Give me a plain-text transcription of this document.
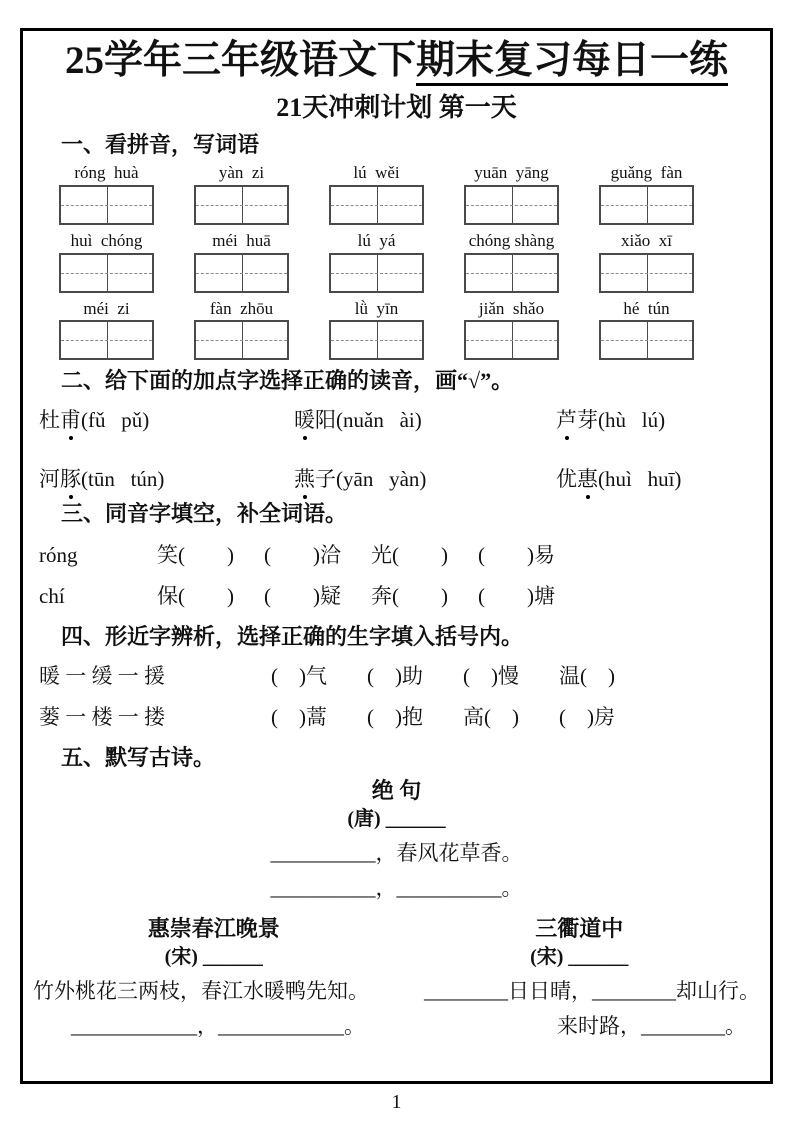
25学年三年级语文下期末复习每日一练
21天冲刺计划 第一天
一、看拼音，写词语
róng  huà	yàn  zi	lú  wěi	yuān  yāng	guǎng  fàn
huì  chóng	méi  huā	lú  yá	chóng shàng	xiǎo  xī
méi  zi	fàn  zhōu	lǜ  yīn	jiǎn  shǎo	hé  tún
二、给下面的加点字选择正确的读音，画“√”。
杜甫(fǔ   pǔ)	暖阳(nuǎn   ài)	芦芽(hù   lú)
河豚(tūn   tún)	燕子(yān   yàn)	优惠(huì   huī)
三、同音字填空，补全词语。
róng	笑(        ) (        )洽 光(        ) (        )易
chí	保(        ) (        )疑 奔(        ) (        )塘
四、形近字辨析，选择正确的生字填入括号内。
暖 一 缓 一 援	(    )气 (    )助 (    )慢 温(    )
蒌 一 楼 一 搂	(    )蒿 (    )抱 高(    ) (    )房
五、默写古诗。
绝 句
(唐) ______
__________，春风花草香。
__________，__________。
惠崇春江晚景
(宋) ______
三衢道中
(宋) ______
竹外桃花三两枝，春江水暖鸭先知。	________日日晴，________却山行。
____________，____________。	来时路，________。
1
